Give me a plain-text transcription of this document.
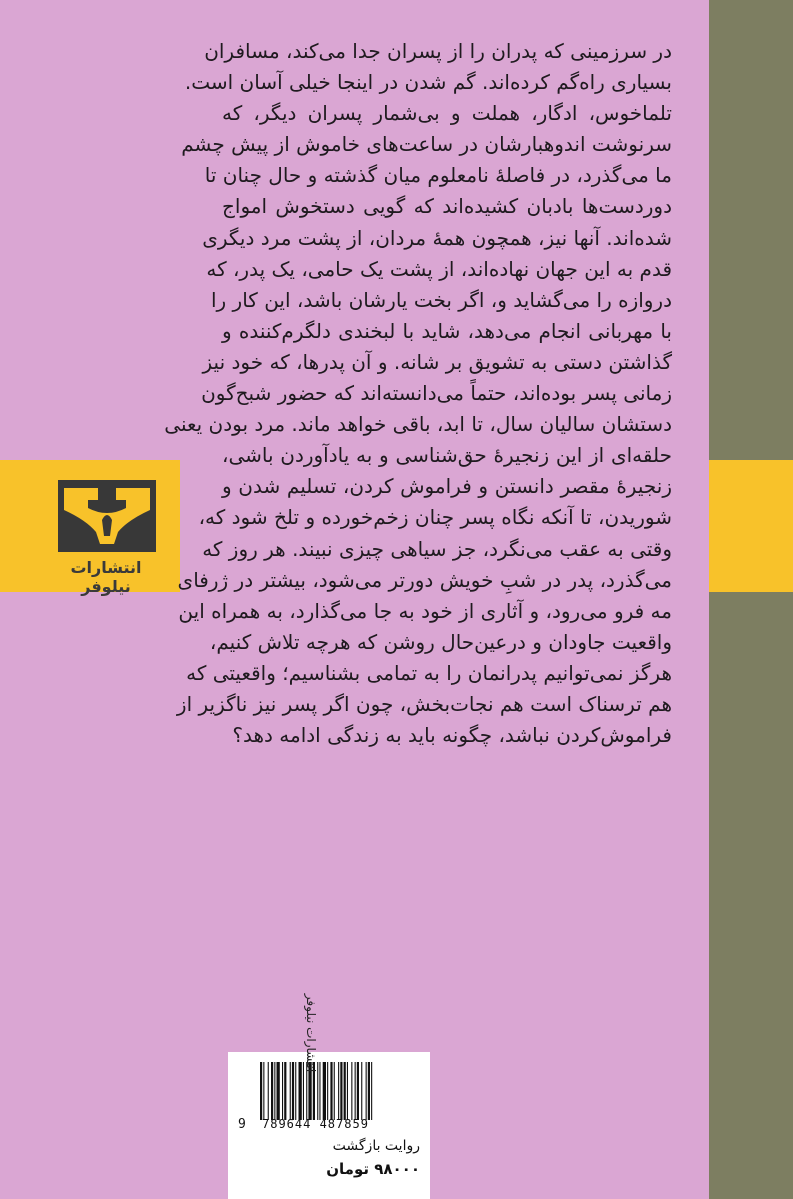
انتشارات نیلوفر
در سرزمینی که پدران را از پسران جدا می‌کند، مسافران
بسیاری راه‌گم کرده‌اند. گم شدن در اینجا خیلی آسان است.
تلماخوس، ادگار، هملت و بی‌شمار پسران دیگر، که
سرنوشت اندوهبارشان در ساعت‌های خاموش از پیش چشم
ما می‌گذرد، در فاصلهٔ نامعلوم میان گذشته و حال چنان تا
دوردست‌ها بادبان کشیده‌اند که گویی دستخوش امواج
شده‌اند. آنها نیز، همچون همهٔ مردان، از پشت مرد دیگری
قدم به این جهان نهاده‌اند، از پشت یک حامی، یک پدر، که
دروازه را می‌گشاید و، اگر بخت یارشان باشد، این کار را
با مهربانی انجام می‌دهد، شاید با لبخندی دلگرم‌کننده و
گذاشتن دستی به تشویق بر شانه. و آن پدرها، که خود نیز
زمانی پسر بوده‌اند، حتماً می‌دانسته‌اند که حضور شبح‌گون
دستشان سالیان سال، تا ابد، باقی خواهد ماند. مرد بودن یعنی
حلقه‌ای از این زنجیرهٔ حق‌شناسی و به یادآوردن باشی،
زنجیرهٔ مقصر دانستن و فراموش کردن، تسلیم شدن و
شوریدن، تا آنکه نگاه پسر چنان زخم‌خورده و تلخ شود که،
وقتی به عقب می‌نگرد، جز سیاهی چیزی نبیند. هر روز که
می‌گذرد، پدر در شبِ خویش دورتر می‌شود، بیشتر در ژرفای
مه فرو می‌رود، و آثاری از خود به جا می‌گذارد، به همراه این
واقعیت جاودان و درعین‌حال روشن که هرچه تلاش کنیم،
هرگز نمی‌توانیم پدرانمان را به تمامی بشناسیم؛ واقعیتی که
هم ترسناک است هم نجات‌بخش، چون اگر پسر نیز ناگزیر از
فراموش‌کردن نباشد، چگونه باید به زندگی ادامه دهد؟
انتشارات نیلوفر
9 789644 487859
روایت بازگشت
۹۸۰۰۰ تومان
